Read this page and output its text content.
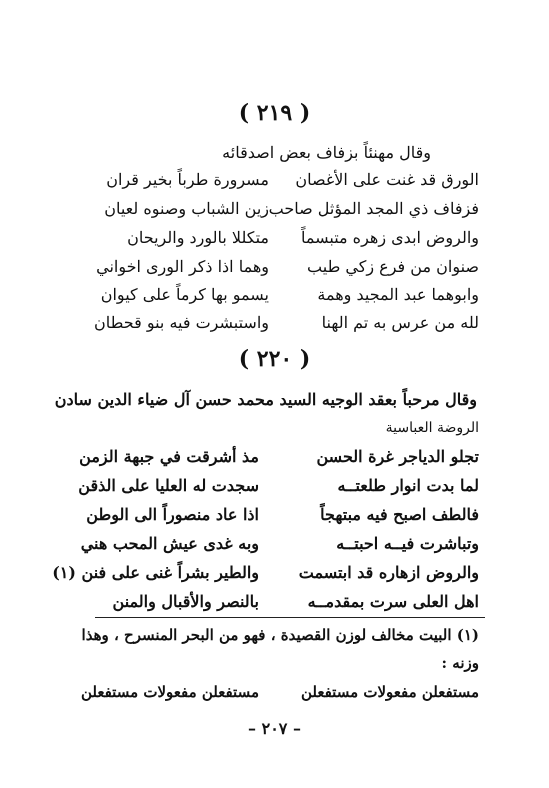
( ٢١٩ )
وقال مهنئاً بزفاف بعض اصدقائه
الورق قد غنت على الأغصان
مسرورة طرباً بخير قران
فزفاف ذي المجد المؤثل صاحب
زين الشباب وصنوه لعيان
والروض ابدى زهره متبسماً
متكللا بالورد والريحان
صنوان من فرع زكي طيب
وهما اذا ذكر الورى اخواني
وابوهما عبد المجيد وهمة
يسمو بها كرماً على كيوان
لله من عرس به تم الهنا
واستبشرت فيه بنو قحطان
( ٢٢٠ )
وقال مرحباً بعقد الوجيه السيد محمد حسن آل ضياء الدين سادن
الروضة العباسية
تجلو الدياجر غرة الحسن
مذ أشرقت في جبهة الزمن
لما بدت انوار طلعتــه
سجدت له العليا على الذقن
فالطف اصبح فيه مبتهجاً
اذا عاد منصوراً الى الوطن
وتباشرت فيــه احبتــه
وبه غدى عيش المحب هني
والروض ازهاره قد ابتسمت
والطير بشراً غنى على فنن (١)
اهل العلى سرت بمقدمــه
بالنصر والأقبال والمنن
(١) البيت مخالف لوزن القصيدة ، فهو من البحر المنسرح ، وهذا
وزنه :
مستفعلن مفعولات مستفعلن
مستفعلن مفعولات مستفعلن
– ٢٠٧ –
